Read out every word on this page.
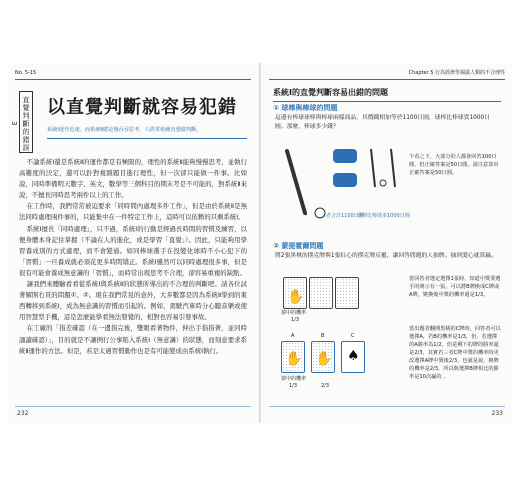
No. 5-15
直覺判斷的錯誤 3
以直覺判斷就容易犯錯
系統Ⅰ運作迅速，而系統Ⅱ總是慢吞吞思考，人經常依賴直覺做判斷。

不論系統Ⅰ還是系統Ⅱ的運作都是有極限的，理性的系統Ⅱ能夠慢慢思考，並執行高難度的決定，還可以針對複雜題目進行理性，但一次卻只能做一件事。比如說，同時準備明天數字、英文，數學等三個科目的期末考是不可能的，對系統Ⅱ來說，不擅長同時思考兩件以上的工作。

在工作時，我們常常被迫要求「同時間內處理多件工作」，但是由於系統Ⅱ是無法同時處理兩件事的，只能集中在一件特定工作上，這時可以依賴的只剩系統Ⅰ。

系統Ⅰ擅長「同時處理」，只不過，系統Ⅰ的行動是經過長時間的習慣及練習，以便身體本身記住掌握（不論在人的進化，或是學習「直覺」）。因此，只能夠用學習養成別的方式處理，而不會變通。如同棒球選手在投變化球時不小心犯下的「習慣」一旦養成就必須花更多時間矯正。系統Ⅰ雖然可以同時處理很多事，但是很有可能會養成無意識的「習慣」，而時常出現思考不合理，卻容易重複的缺點。

讓我們來體驗看看從系統Ⅰ與系統Ⅱ的狀態所導出的不合理的判斷吧。請各位試著解開右頁的問題①、②。現在我們常見的意外，大多數都是因為系統Ⅱ學到的東西轉移到系統Ⅰ，成為無意識的習慣而引起的。例如，駕駛汽車時分心聽音樂或使用智慧型手機，這是怎麼能學看無法發覺的，相對也容易引發事故。

在工廠的「指差確認（在一邊指完後，雙眼看著物件，伸出手指指著，並同時誦讀確認）」，目的就是不讓例行公事陷入系統Ⅰ（無意識）的狀態，而刻意要求系統Ⅱ運作的方法。但是，若是太過習慣動作也是有可能變成由系統Ⅰ執行。

232
Chapter 5 行為經濟學揭露人類的不合理性
系統Ⅰ的直覺判斷容易出錯的問題
① 球棒與棒球的問題
這邊有棒球球棒與棒球兩樣商品，其價錢相加等於1100日圓，球棒比棒球貴1000日圓。那麼，棒球多少錢？
二者合計1100日圓
球棒比棒球多1000日圓
乍看之下，大部分的人都會回答100日圓，但正確答案是50日圓。請注意算出正確答案是50日圓。
② 蒙提霍爾問題
將2張黑桃的撲克牌與1張紅心的撲克牌反覆，讓回答問題的人抽牌。抽到愛心就算贏。
✋
猜中的機率
1/3
當回答者選定選擇1張時，知道中獎要選手的開示有一張，可以將B牌換成C牌或A牌，變換後中獎的機率還是1/3。
A	B	C
♠
✋ ✋
猜中的機率
1/3	2/3
當出題者翻開黑桃的C牌時，回答者可以選擇A，若B的機率是1/3，但，若選擇的A勝率為1/2，但是剩下的牌的勝率還是2/3，其實若三者C牌中獎的機率時更改選擇A牌中獎後2/3，也就是說，換牌的機率是2/3，所以與選擇B牌相比的勝率是10次贏的 。
233
